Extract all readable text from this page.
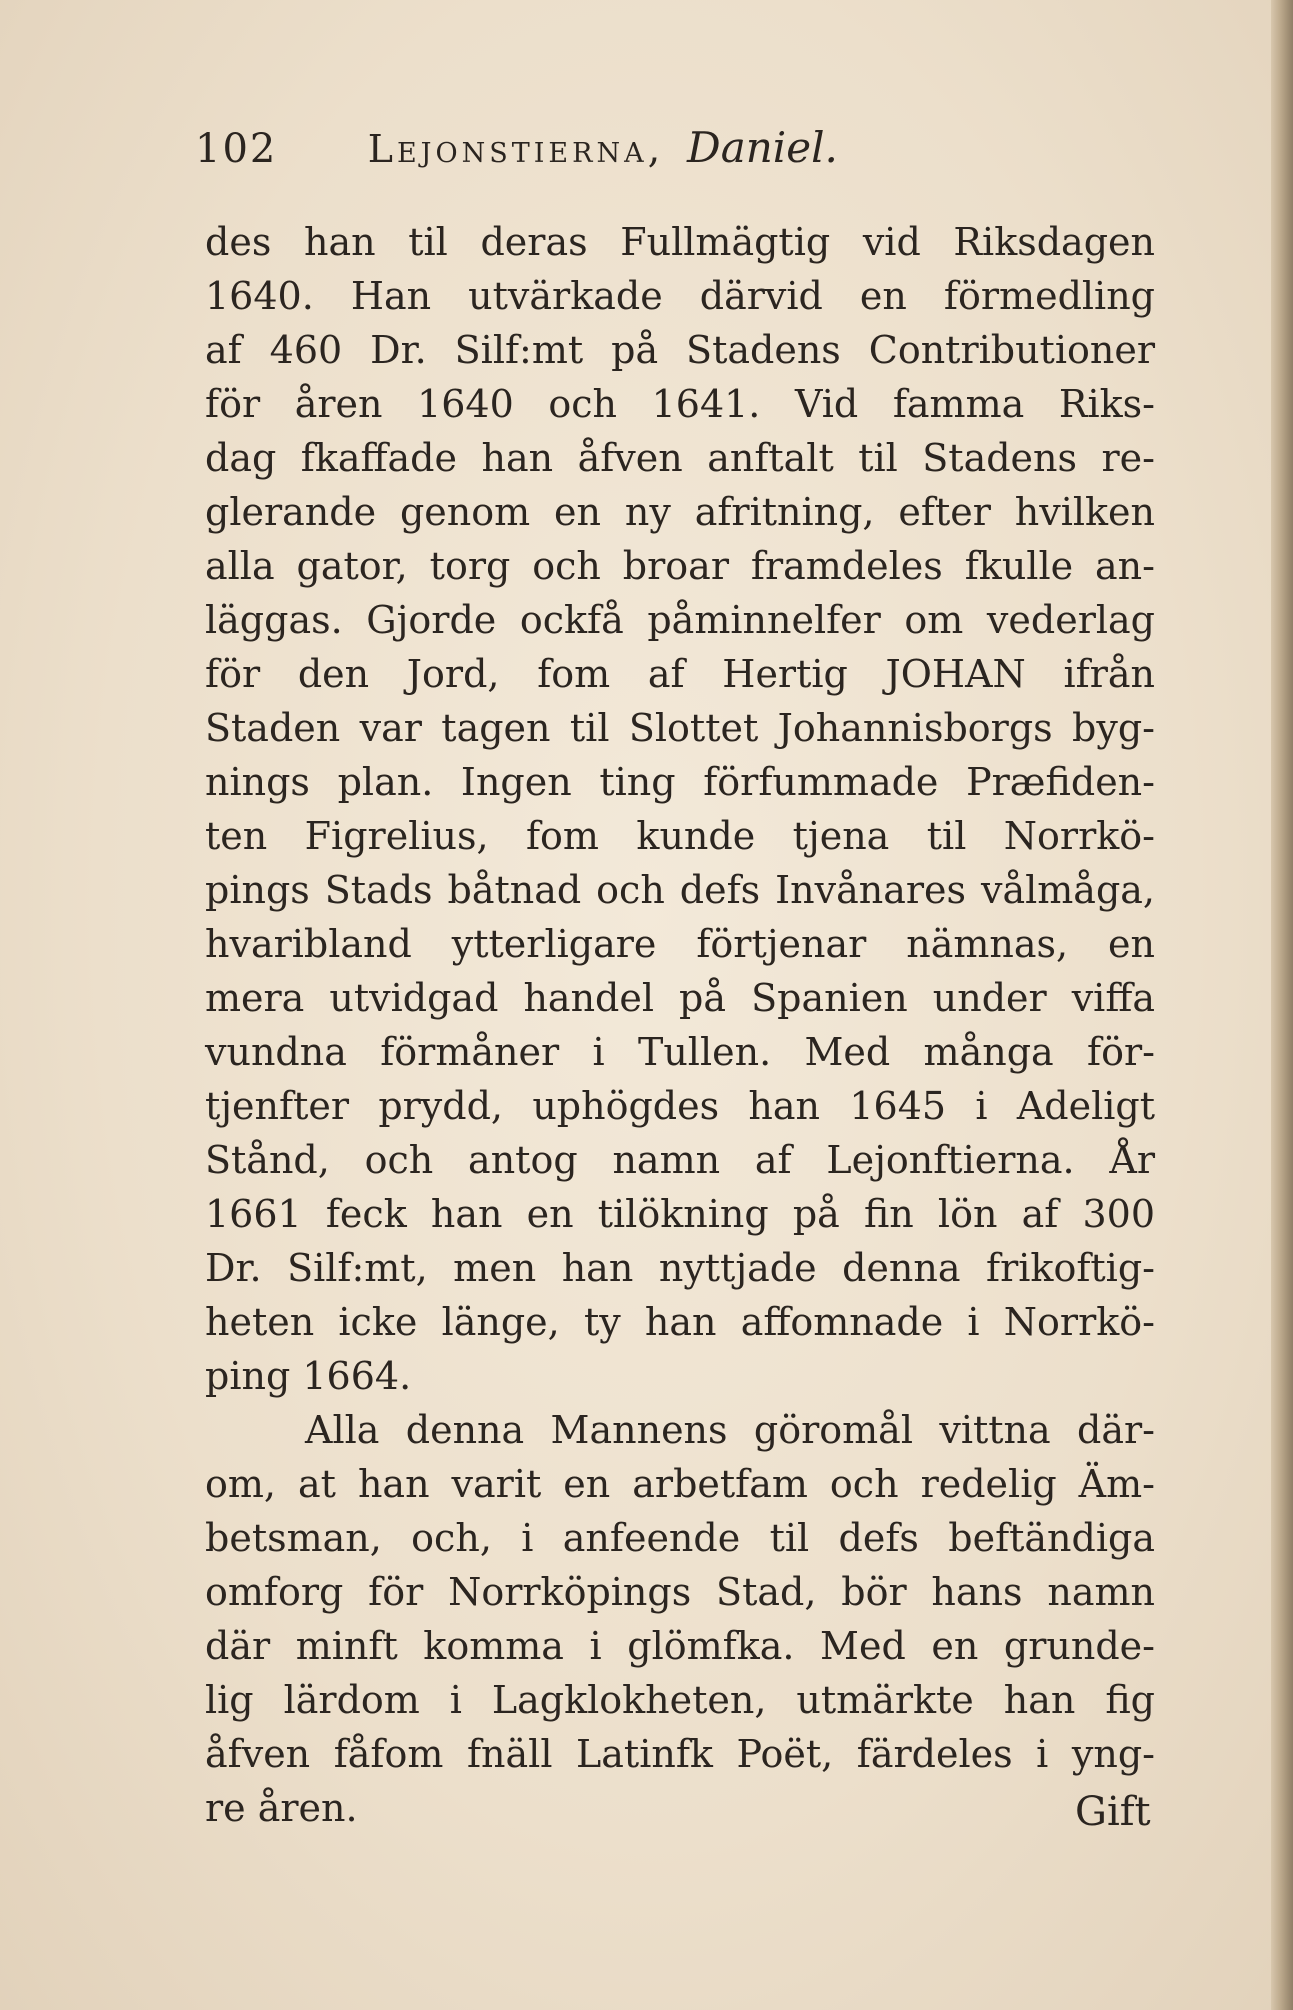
102 Lejonstierna, Daniel.
des han til deras Fullmägtig vid Riksdagen
1640. Han utvärkade därvid en förmedling
af 460 Dr. Silf:mt på Stadens Contributioner
för åren 1640 och 1641. Vid famma Riks-
dag fkaffade han åfven anftalt til Stadens re-
glerande genom en ny afritning, efter hvilken
alla gator, torg och broar framdeles fkulle an-
läggas. Gjorde ockfå påminnelfer om vederlag
för den Jord, fom af Hertig JOHAN ifrån
Staden var tagen til Slottet Johannisborgs byg-
nings plan. Ingen ting förfummade Præfiden-
ten Figrelius, fom kunde tjena til Norrkö-
pings Stads båtnad och defs Invånares vålmåga,
hvaribland ytterligare förtjenar nämnas, en
mera utvidgad handel på Spanien under viffa
vundna förmåner i Tullen. Med många för-
tjenfter prydd, uphögdes han 1645 i Adeligt
Stånd, och antog namn af Lejonftierna. År
1661 feck han en tilökning på fin lön af 300
Dr. Silf:mt, men han nyttjade denna frikoftig-
heten icke länge, ty han affomnade i Norrkö-
ping 1664.
Alla denna Mannens göromål vittna där-
om, at han varit en arbetfam och redelig Äm-
betsman, och, i anfeende til defs beftändiga
omforg för Norrköpings Stad, bör hans namn
där minft komma i glömfka. Med en grunde-
lig lärdom i Lagklokheten, utmärkte han fig
åfven fåfom fnäll Latinfk Poët, färdeles i yng-
re åren.	Gift
